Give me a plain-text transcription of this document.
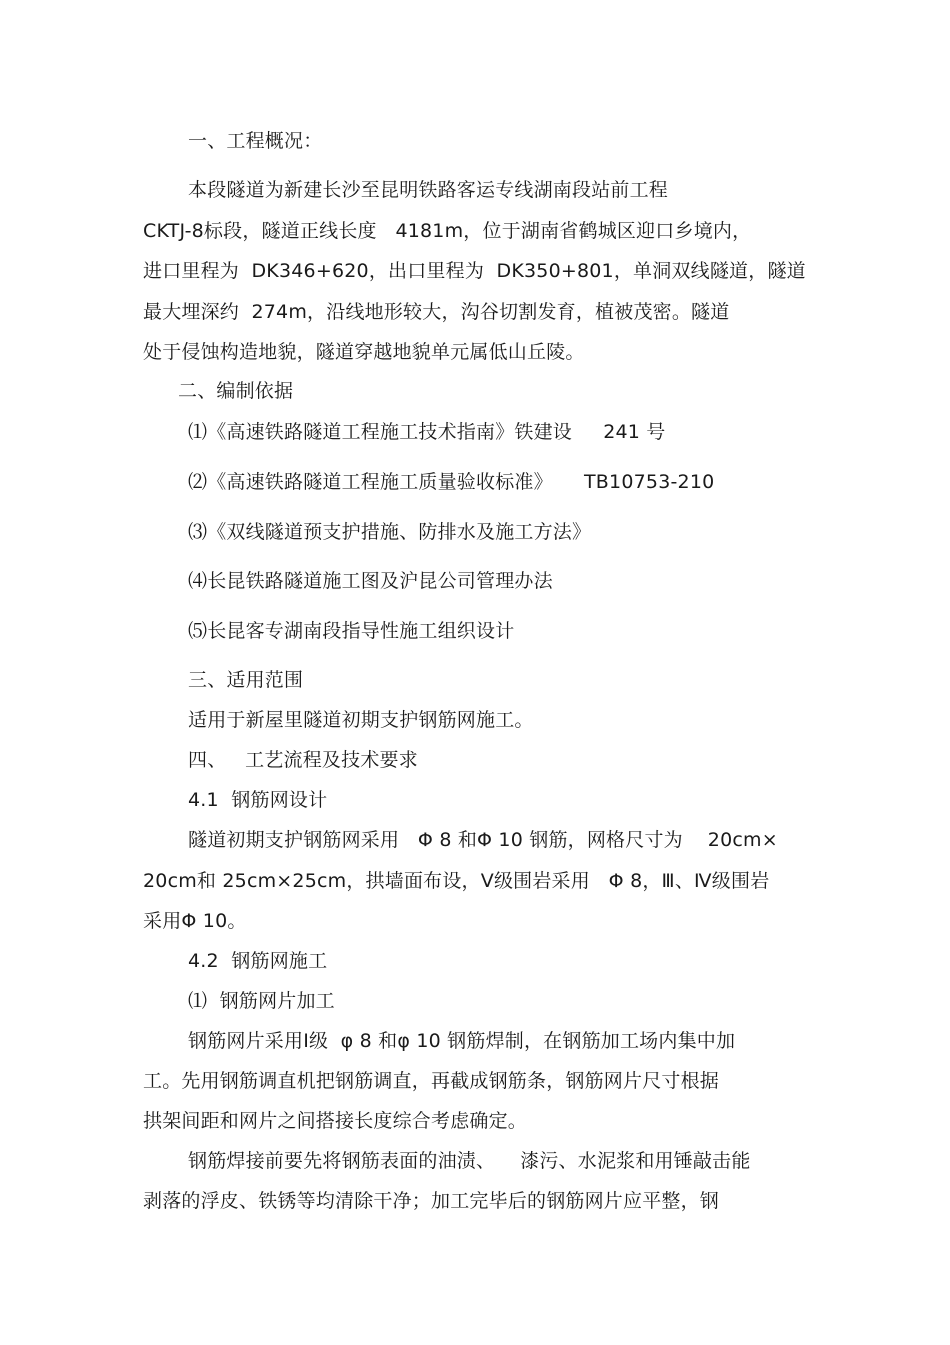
一、工程概况：
本段隧道为新建长沙至昆明铁路客运专线湖南段站前工程
CKTJ-8标段，隧道正线长度   4181m，位于湖南省鹤城区迎口乡境内，
进口里程为  DK346+620，出口里程为  DK350+801，单洞双线隧道，隧道
最大埋深约  274m，沿线地形较大，沟谷切割发育，植被茂密。隧道
处于侵蚀构造地貌，隧道穿越地貌单元属低山丘陵。
二、编制依据
⑴《高速铁路隧道工程施工技术指南》铁建设     241 号
⑵《高速铁路隧道工程施工质量验收标准》     TB10753-210
⑶《双线隧道预支护措施、防排水及施工方法》
⑷长昆铁路隧道施工图及沪昆公司管理办法
⑸长昆客专湖南段指导性施工组织设计
三、适用范围
适用于新屋里隧道初期支护钢筋网施工。
四、   工艺流程及技术要求
4.1  钢筋网设计
隧道初期支护钢筋网采用   Φ 8 和Φ 10 钢筋，网格尺寸为    20cm×
20cm和 25cm×25cm，拱墙面布设，Ⅴ级围岩采用   Φ 8，Ⅲ、Ⅳ级围岩
采用Φ 10。
4.2  钢筋网施工
⑴  钢筋网片加工
钢筋网片采用Ⅰ级  φ 8 和φ 10 钢筋焊制，在钢筋加工场内集中加
工。先用钢筋调直机把钢筋调直，再截成钢筋条，钢筋网片尺寸根据
拱架间距和网片之间搭接长度综合考虑确定。
钢筋焊接前要先将钢筋表面的油渍、    漆污、水泥浆和用锤敲击能
剥落的浮皮、铁锈等均清除干净；加工完毕后的钢筋网片应平整，钢
